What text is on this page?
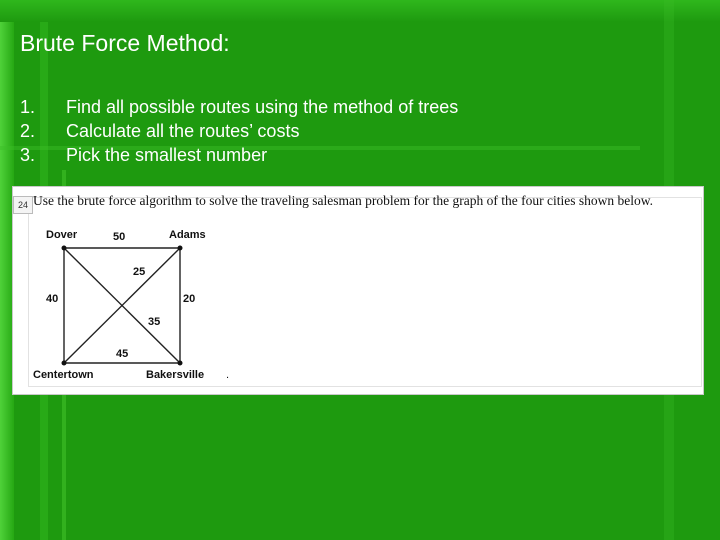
Brute Force Method:
1.	Find all possible routes using the method of trees
2.	Calculate all the routes’ costs
3.	Pick the smallest number
24 Use the brute force algorithm to solve the traveling salesman problem for the graph of the four cities shown below.
Dover	Adams
Centertown	Bakersville
50
25
40	20
35
45
.
